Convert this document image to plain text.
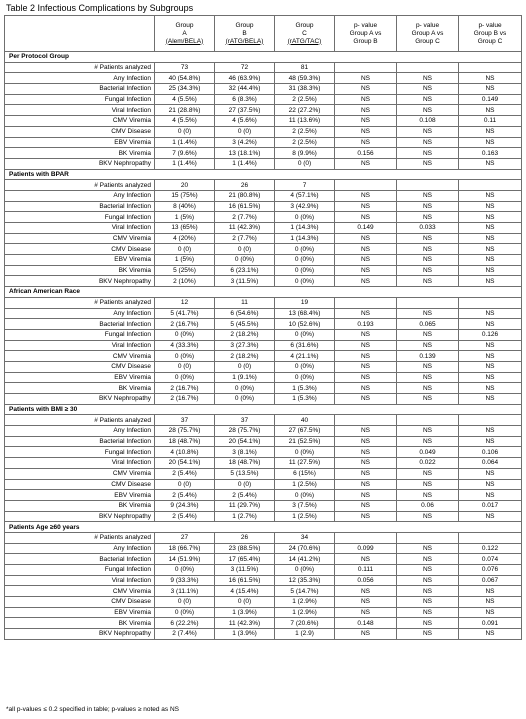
Table 2 Infectious Complications by Subgroups

	Group
A
(Alem/BELA)	Group
B
(rATG/BELA)	Group
C
(rATG/TAC)	p- value
Group A vs
Group B	p- value
Group A vs
Group C	p- value
Group B vs
Group C

Per Protocol Group						
# Patients analyzed	73	72	81			
Any Infection	40 (54.8%)	46 (63.9%)	48 (59.3%)	NS	NS	NS
Bacterial Infection	25 (34.3%)	32 (44.4%)	31 (38.3%)	NS	NS	NS
Fungal Infection	4 (5.5%)	6 (8.3%)	2 (2.5%)	NS	NS	0.149
Viral Infection	21 (28.8%)	27 (37.5%)	22 (27.2%)	NS	NS	NS
CMV Viremia	4 (5.5%)	4 (5.6%)	11 (13.6%)	NS	0.108	0.11
CMV Disease	0 (0)	0 (0)	2 (2.5%)	NS	NS	NS
EBV Viremia	1 (1.4%)	3 (4.2%)	2 (2.5%)	NS	NS	NS
BK Viremia	7 (9.6%)	13 (18.1%)	8 (9.9%)	0.156	NS	0.163
BKV Nephropathy	1 (1.4%)	1 (1.4%)	0 (0)	NS	NS	NS
Patients with BPAR						
# Patients analyzed	20	26	7			
Any Infection	15 (75%)	21 (80.8%)	4 (57.1%)	NS	NS	NS
Bacterial Infection	8 (40%)	16 (61.5%)	3 (42.9%)	NS	NS	NS
Fungal Infection	1 (5%)	2 (7.7%)	0 (0%)	NS	NS	NS
Viral Infection	13 (65%)	11 (42.3%)	1 (14.3%)	0.149	0.033	NS
CMV Viremia	4 (20%)	2 (7.7%)	1 (14.3%)	NS	NS	NS
CMV Disease	0 (0)	0 (0)	0 (0%)	NS	NS	NS
EBV Viremia	1 (5%)	0 (0%)	0 (0%)	NS	NS	NS
BK Viremia	5 (25%)	6 (23.1%)	0 (0%)	NS	NS	NS
BKV Nephropathy	2 (10%)	3 (11.5%)	0 (0%)	NS	NS	NS
African American Race						
# Patients analyzed	12	11	19			
Any Infection	5 (41.7%)	6 (54.6%)	13 (68.4%)	NS	NS	NS
Bacterial Infection	2 (16.7%)	5 (45.5%)	10 (52.6%)	0.193	0.065	NS
Fungal Infection	0 (0%)	2 (18.2%)	0 (0%)	NS	NS	0.126
Viral Infection	4 (33.3%)	3 (27.3%)	6 (31.6%)	NS	NS	NS
CMV Viremia	0 (0%)	2 (18.2%)	4 (21.1%)	NS	0.139	NS
CMV Disease	0 (0)	0 (0)	0 (0%)	NS	NS	NS
EBV Viremia	0 (0%)	1 (9.1%)	0 (0%)	NS	NS	NS
BK Viremia	2 (16.7%)	0 (0%)	1 (5.3%)	NS	NS	NS
BKV Nephropathy	2 (16.7%)	0 (0%)	1 (5.3%)	NS	NS	NS
Patients with BMI ≥ 30						
# Patients analyzed	37	37	40			
Any Infection	28 (75.7%)	28 (75.7%)	27 (67.5%)	NS	NS	NS
Bacterial Infection	18 (48.7%)	20 (54.1%)	21 (52.5%)	NS	NS	NS
Fungal Infection	4 (10.8%)	3 (8.1%)	0 (0%)	NS	0.049	0.106
Viral Infection	20 (54.1%)	18 (48.7%)	11 (27.5%)	NS	0.022	0.064
CMV Viremia	2 (5.4%)	5 (13.5%)	6 (15%)	NS	NS	NS
CMV Disease	0 (0)	0 (0)	1 (2.5%)	NS	NS	NS
EBV Viremia	2 (5.4%)	2 (5.4%)	0 (0%)	NS	NS	NS
BK Viremia	9 (24.3%)	11 (29.7%)	3 (7.5%)	NS	0.06	0.017
BKV Nephropathy	2 (5.4%)	1 (2.7%)	1 (2.5%)	NS	NS	NS
Patients Age ≥60 years						
# Patients analyzed	27	26	34			
Any Infection	18 (66.7%)	23 (88.5%)	24 (70.6%)	0.099	NS	0.122
Bacterial Infection	14 (51.9%)	17 (65.4%)	14 (41.2%)	NS	NS	0.074
Fungal Infection	0 (0%)	3 (11.5%)	0 (0%)	0.111	NS	0.076
Viral Infection	9 (33.3%)	16 (61.5%)	12 (35.3%)	0.056	NS	0.067
CMV Viremia	3 (11.1%)	4 (15.4%)	5 (14.7%)	NS	NS	NS
CMV Disease	0 (0)	0 (0)	1 (2.9%)	NS	NS	NS
EBV Viremia	0 (0%)	1 (3.9%)	1 (2.9%)	NS	NS	NS
BK Viremia	6 (22.2%)	11 (42.3%)	7 (20.6%)	0.148	NS	0.091
BKV Nephropathy	2 (7.4%)	1 (3.9%)	1 (2.9)	NS	NS	NS
*all p-values ≤ 0.2 specified in table; p-values ≥ noted as NS
